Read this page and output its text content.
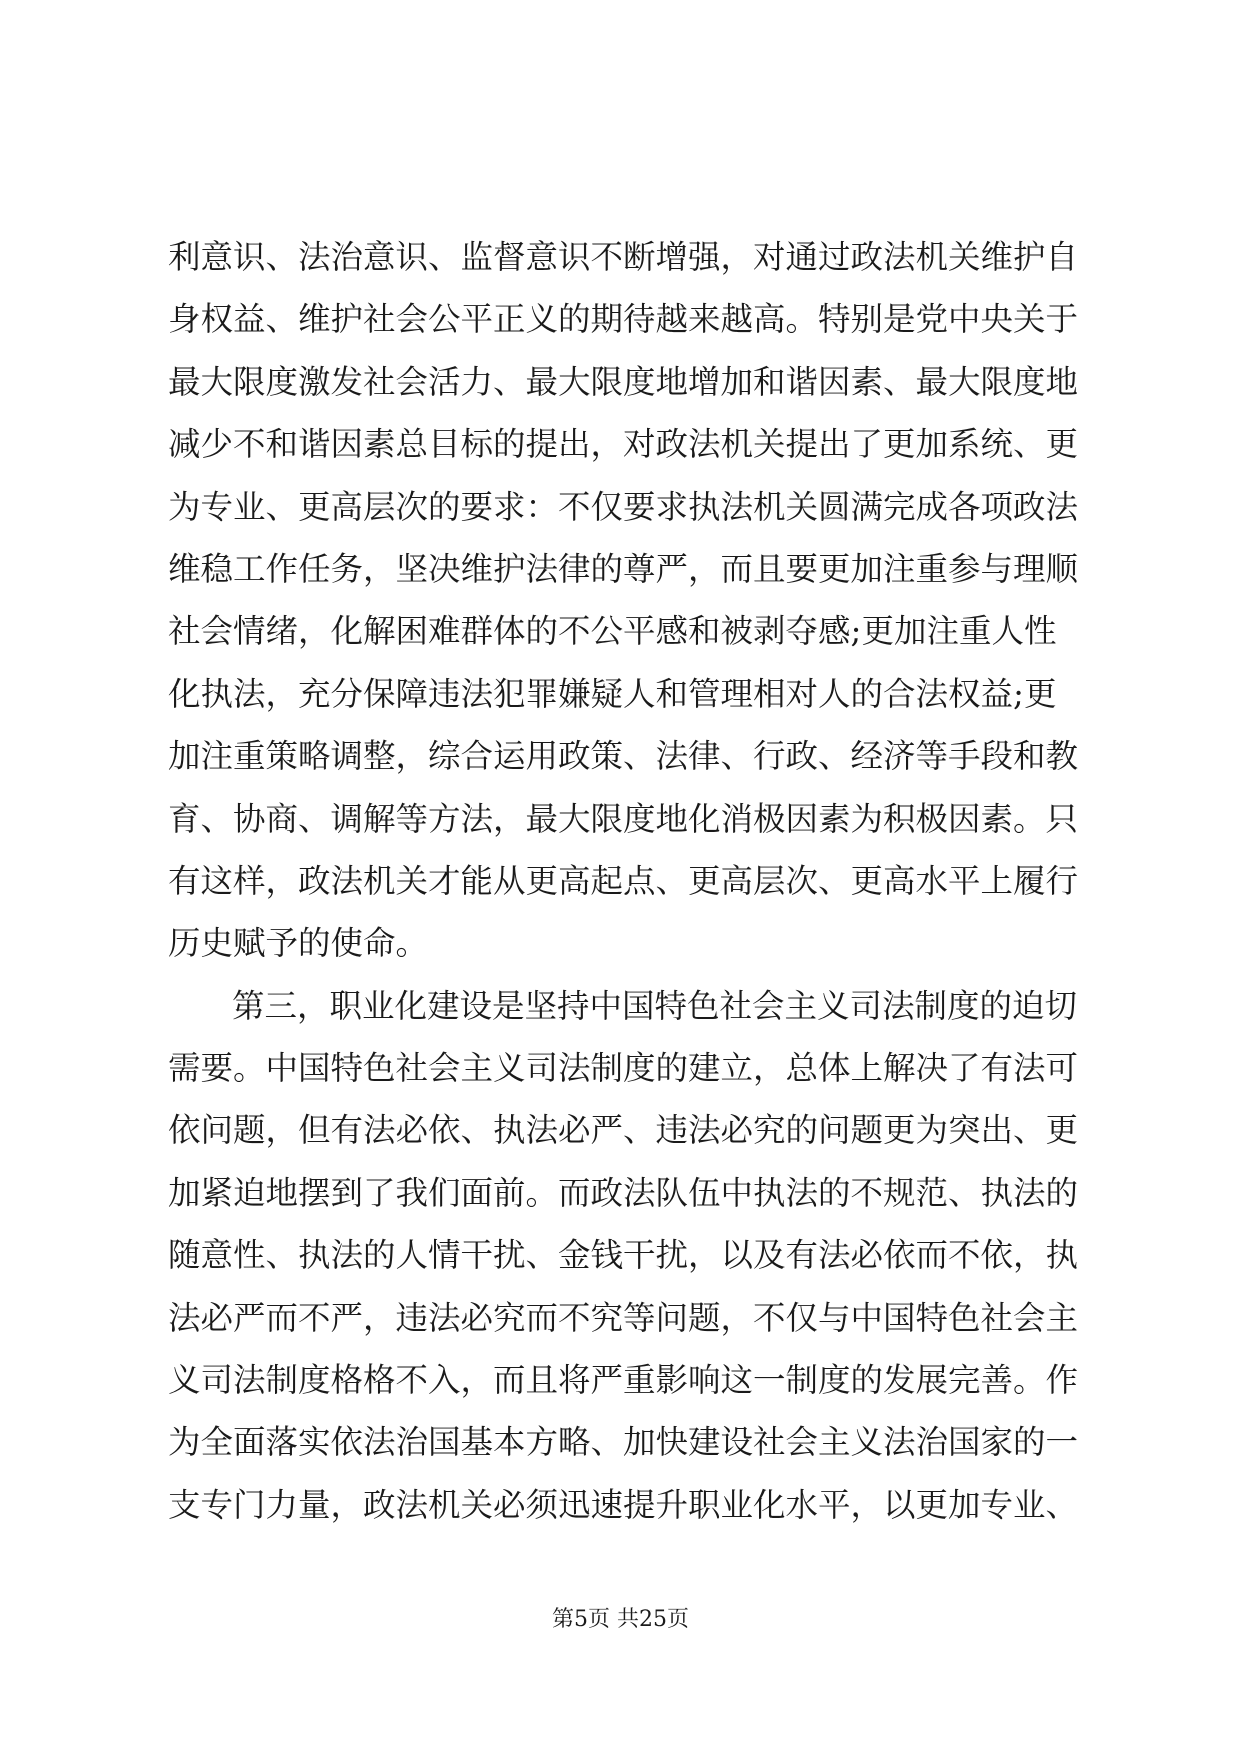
利意识、法治意识、监督意识不断增强，对通过政法机关维护自
身权益、维护社会公平正义的期待越来越高。特别是党中央关于
最大限度激发社会活力、最大限度地增加和谐因素、最大限度地
减少不和谐因素总目标的提出，对政法机关提出了更加系统、更
为专业、更高层次的要求：不仅要求执法机关圆满完成各项政法
维稳工作任务，坚决维护法律的尊严，而且要更加注重参与理顺
社会情绪，化解困难群体的不公平感和被剥夺感;更加注重人性
化执法，充分保障违法犯罪嫌疑人和管理相对人的合法权益;更
加注重策略调整，综合运用政策、法律、行政、经济等手段和教
育、协商、调解等方法，最大限度地化消极因素为积极因素。只
有这样，政法机关才能从更高起点、更高层次、更高水平上履行
历史赋予的使命。
第三，职业化建设是坚持中国特色社会主义司法制度的迫切
需要。中国特色社会主义司法制度的建立，总体上解决了有法可
依问题，但有法必依、执法必严、违法必究的问题更为突出、更
加紧迫地摆到了我们面前。而政法队伍中执法的不规范、执法的
随意性、执法的人情干扰、金钱干扰，以及有法必依而不依，执
法必严而不严，违法必究而不究等问题，不仅与中国特色社会主
义司法制度格格不入，而且将严重影响这一制度的发展完善。作
为全面落实依法治国基本方略、加快建设社会主义法治国家的一
支专门力量，政法机关必须迅速提升职业化水平，以更加专业、
第5页 共25页
